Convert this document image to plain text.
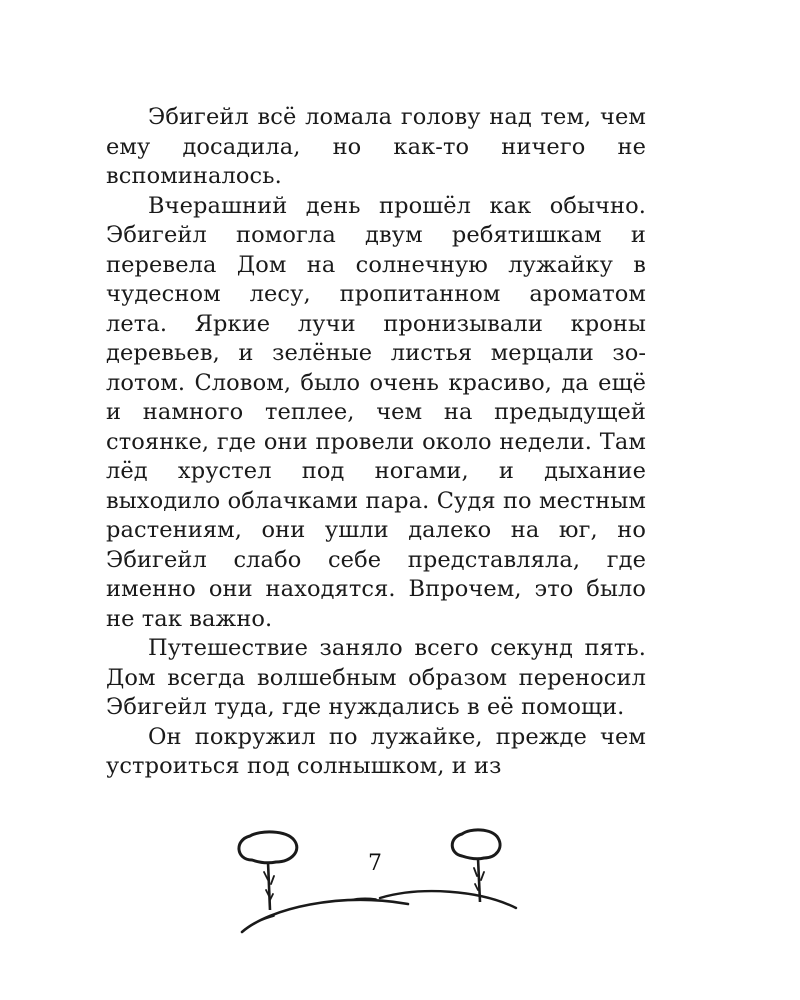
Эбигейл всё ломала голову над тем, чем ему досадила, но как-то ничего не вспоминалось.

Вчерашний день прошёл как обычно. Эбигейл помогла двум ребятишкам и перевела Дом на солнечную лужайку в чудесном лесу, пропитанном ароматом лета. Яркие лучи пронизывали кроны деревьев, и зелёные листья мерцали золотом. Словом, было очень красиво, да ещё и намного теплее, чем на предыдущей стоянке, где они провели около недели. Там лёд хрустел под ногами, и дыхание выходило облачками пара. Судя по местным растениям, они ушли далеко на юг, но Эбигейл слабо себе представляла, где именно они находятся. Впрочем, это было не так важно.

Путешествие заняло всего секунд пять. Дом всегда волшебным образом переносил Эбигейл туда, где нуждались в её помощи.

Он покружил по лужайке, прежде чем устроиться под солнышком, и из

7
